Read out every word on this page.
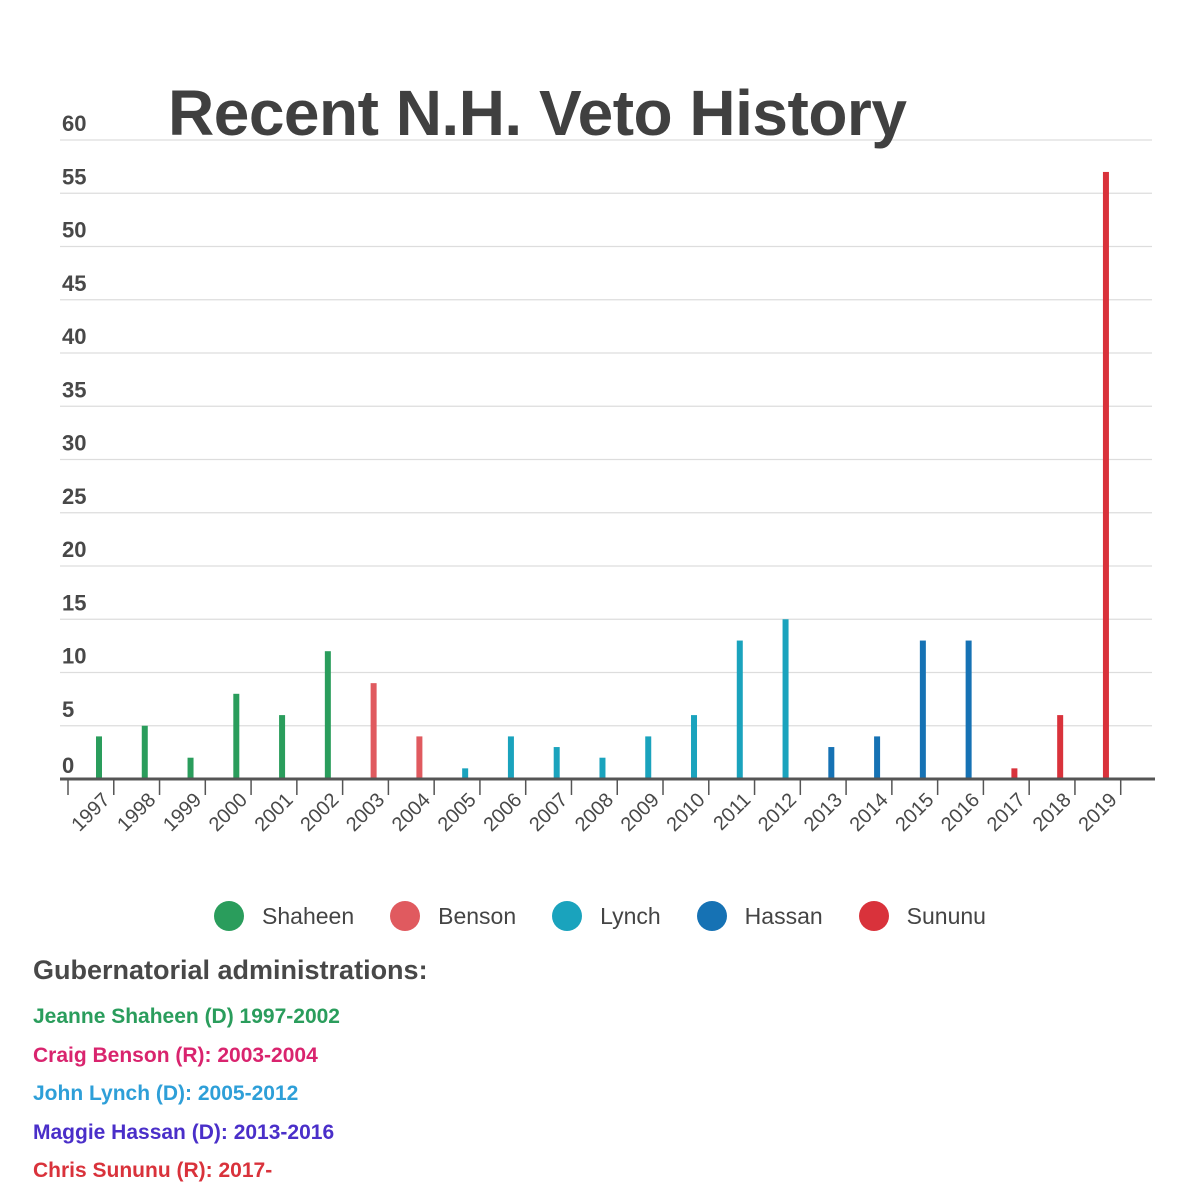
0
5
10
15
20
25
30
35
40
45
50
55
60
1997
1998
1999
2000
2001
2002
2003
2004
2005
2006
2007
2008
2009
2010 2011
2012
2013
2014
2015
2016
2017
2018
2019
Recent N.H. Veto History
Shaheen	Benson	Lynch	Hassan	Sununu
Gubernatorial administrations:
Jeanne Shaheen (D) 1997-2002
Craig Benson (R): 2003-2004
John Lynch (D): 2005-2012
Maggie Hassan (D): 2013-2016
Chris Sununu (R): 2017-
